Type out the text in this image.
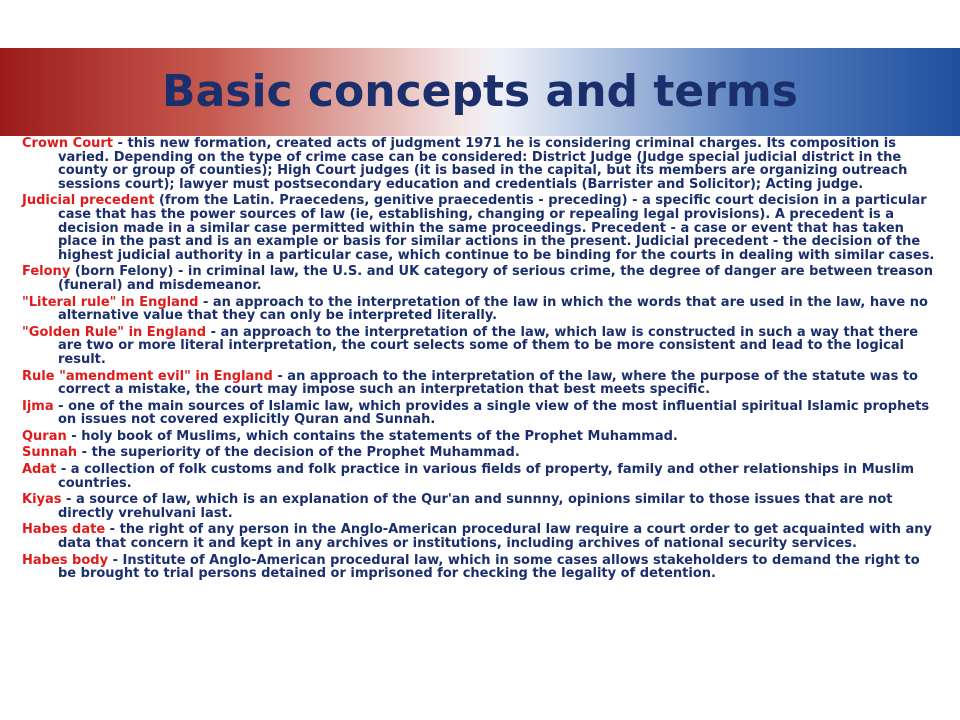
Basic concepts and terms

Crown Court - this new formation, created acts of judgment 1971 he is considering criminal charges. Its composition is varied. Depending on the type of crime case can be considered: District Judge (Judge special judicial district in the county or group of counties); High Court judges (it is based in the capital, but its members are organizing outreach sessions court); lawyer must postsecondary education and credentials (Barrister and Solicitor); Acting judge.

Judicial precedent (from the Latin. Praecedens, genitive praecedentis - preceding) - a specific court decision in a particular case that has the power sources of law (ie, establishing, changing or repealing legal provisions). A precedent is a decision made in a similar case permitted within the same proceedings. Precedent - a case or event that has taken place in the past and is an example or basis for similar actions in the present. Judicial precedent - the decision of the highest judicial authority in a particular case, which continue to be binding for the courts in dealing with similar cases.

Felony (born Felony) - in criminal law, the U.S. and UK category of serious crime, the degree of danger are between treason (funeral) and misdemeanor.

"Literal rule" in England - an approach to the interpretation of the law in which the words that are used in the law, have no alternative value that they can only be interpreted literally.

"Golden Rule" in England - an approach to the interpretation of the law, which law is constructed in such a way that there are two or more literal interpretation, the court selects some of them to be more consistent and lead to the logical result.

Rule "amendment evil" in England - an approach to the interpretation of the law, where the purpose of the statute was to correct a mistake, the court may impose such an interpretation that best meets specific.

Ijma - one of the main sources of Islamic law, which provides a single view of the most influential spiritual Islamic prophets on issues not covered explicitly Quran and Sunnah.

Quran - holy book of Muslims, which contains the statements of the Prophet Muhammad.

Sunnah - the superiority of the decision of the Prophet Muhammad.

Adat - a collection of folk customs and folk practice in various fields of property, family and other relationships in Muslim countries.

Kiyas - a source of law, which is an explanation of the Qur'an and sunnny, opinions similar to those issues that are not directly vrehulvani last.

Habes date - the right of any person in the Anglo-American procedural law require a court order to get acquainted with any data that concern it and kept in any archives or institutions, including archives of national security services.

Habes body - Institute of Anglo-American procedural law, which in some cases allows stakeholders to demand the right to be brought to trial persons detained or imprisoned for checking the legality of detention.
